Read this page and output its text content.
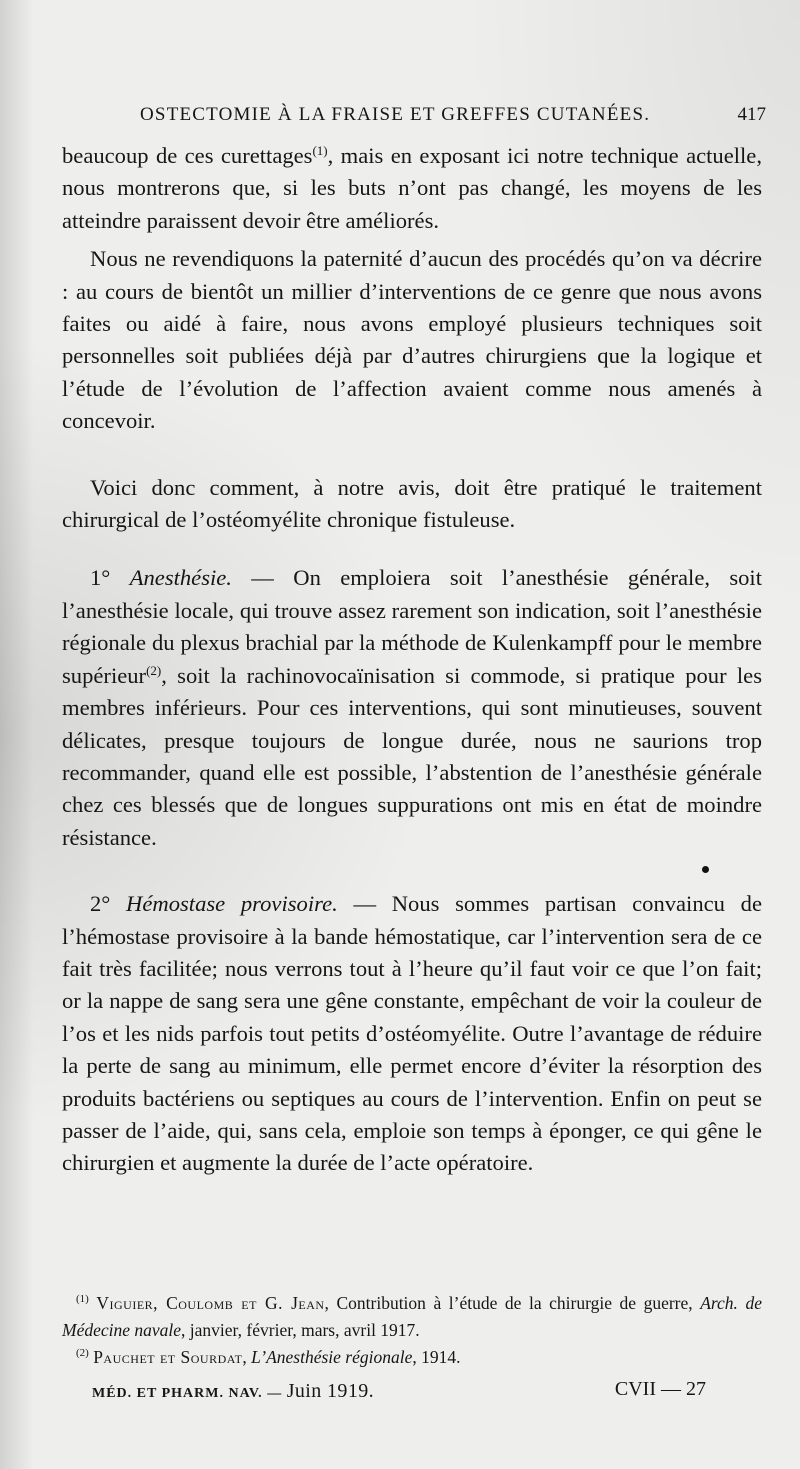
OSTECTOMIE À LA FRAISE ET GREFFES CUTANÉES.	417

beaucoup de ces curettages$^{(1)}$, mais en exposant ici notre technique actuelle, nous montrerons que, si les buts n’ont pas changé, les moyens de les atteindre paraissent devoir être améliorés.

Nous ne revendiquons la paternité d’aucun des procédés qu’on va décrire : au cours de bientôt un millier d’interventions de ce genre que nous avons faites ou aidé à faire, nous avons employé plusieurs techniques soit personnelles soit publiées déjà par d’autres chirurgiens que la logique et l’étude de l’évolution de l’affection avaient comme nous amenés à concevoir.

Voici donc comment, à notre avis, doit être pratiqué le traitement chirurgical de l’ostéomyélite chronique fistuleuse.

1° Anesthésie. — On emploiera soit l’anesthésie générale, soit l’anesthésie locale, qui trouve assez rarement son indication, soit l’anesthésie régionale du plexus brachial par la méthode de Kulenkampff pour le membre supérieur$^{(2)}$, soit la rachinovocaïnisation si commode, si pratique pour les membres inférieurs. Pour ces interventions, qui sont minutieuses, souvent délicates, presque toujours de longue durée, nous ne saurions trop recommander, quand elle est possible, l’abstention de l’anesthésie générale chez ces blessés que de longues suppurations ont mis en état de moindre résistance.

2° Hémostase provisoire. — Nous sommes partisan convaincu de l’hémostase provisoire à la bande hémostatique, car l’intervention sera de ce fait très facilitée; nous verrons tout à l’heure qu’il faut voir ce que l’on fait; or la nappe de sang sera une gêne constante, empêchant de voir la couleur de l’os et les nids parfois tout petits d’ostéomyélite. Outre l’avantage de réduire la perte de sang au minimum, elle permet encore d’éviter la résorption des produits bactériens ou septiques au cours de l’intervention. Enfin on peut se passer de l’aide, qui, sans cela, emploie son temps à éponger, ce qui gêne le chirurgien et augmente la durée de l’acte opératoire.

$^{(1)}$ Viguier, Coulomb et G. Jean, Contribution à l’étude de la chirurgie de guerre, Arch. de Médecine navale, janvier, février, mars, avril 1917.

$^{(2)}$ Pauchet et Sourdat, L’Anesthésie régionale, 1914.

MÉD. ET PHARM. NAV. — Juin 1919.	CVII — 27
